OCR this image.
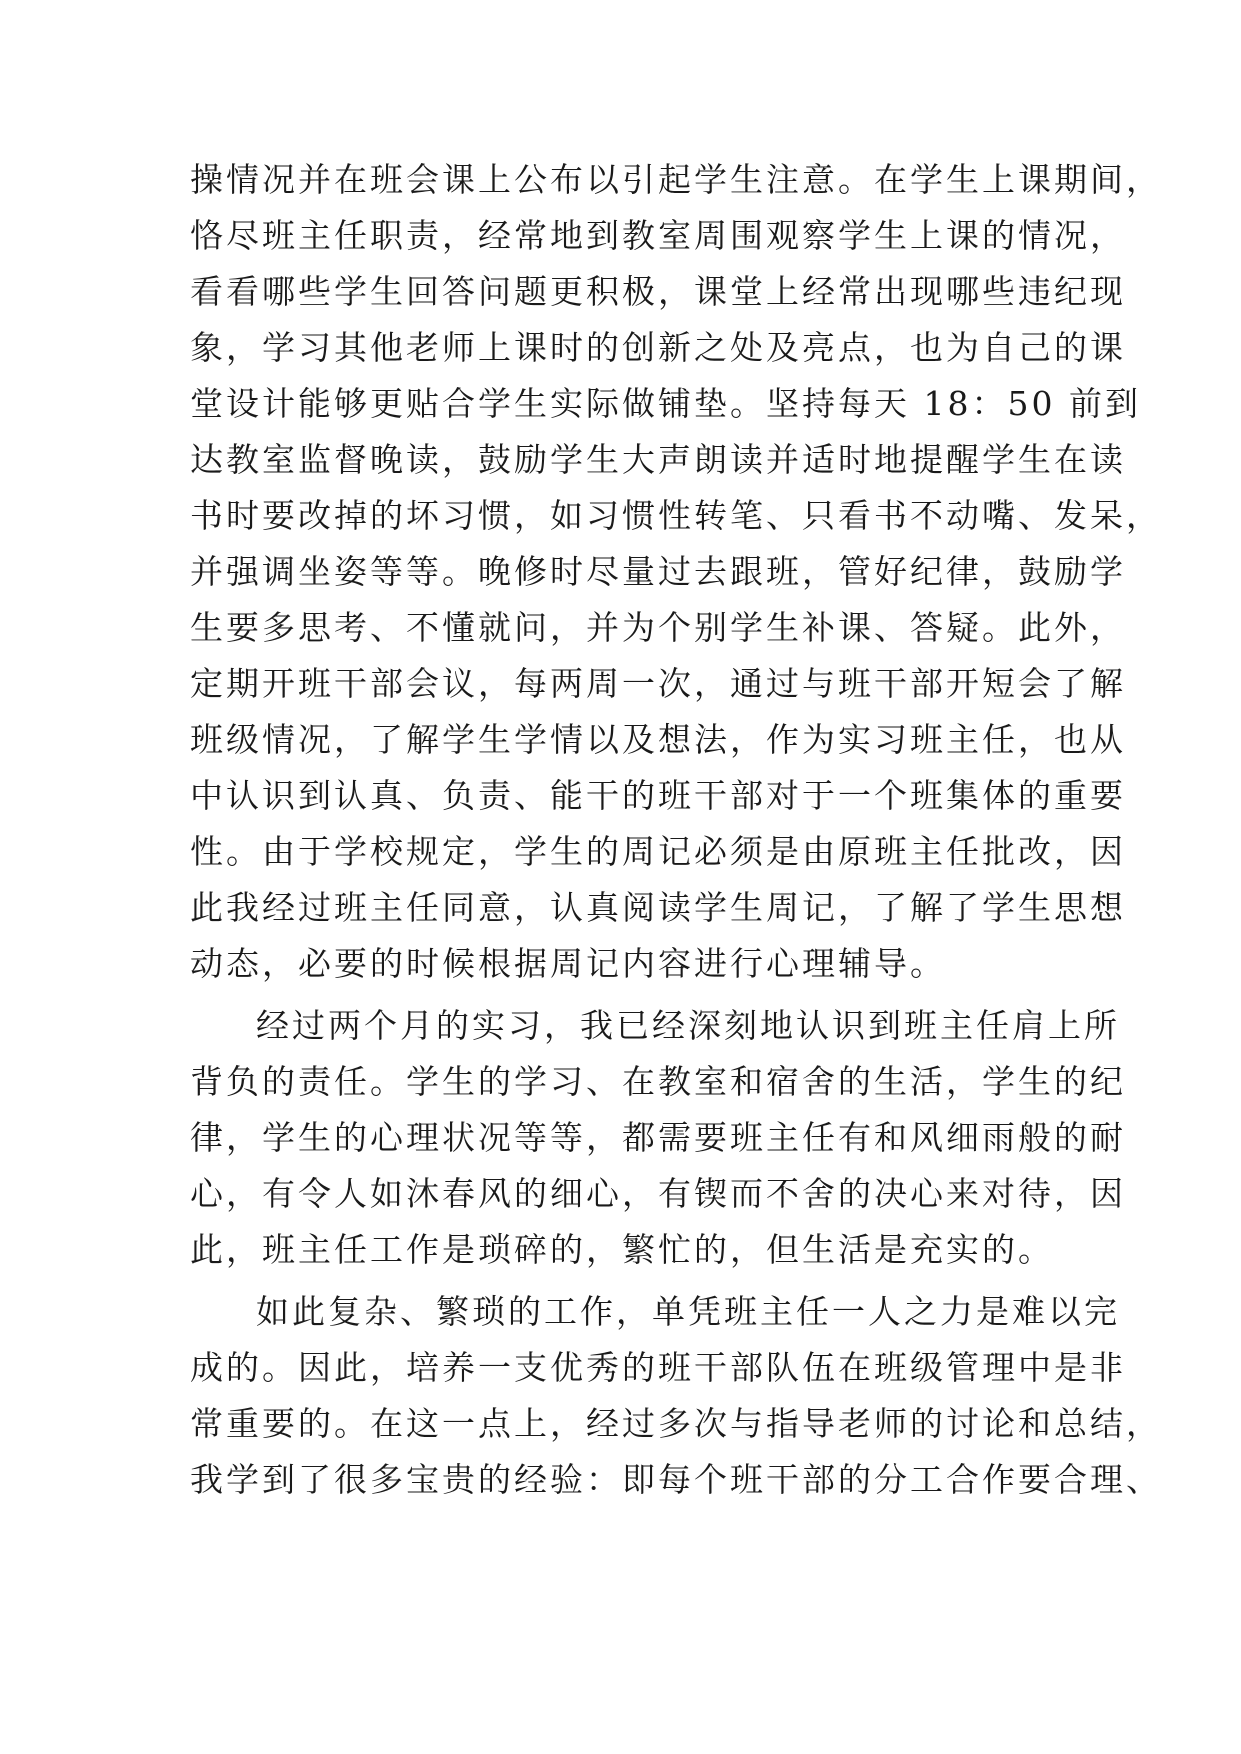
操情况并在班会课上公布以引起学生注意。在学生上课期间，
恪尽班主任职责，经常地到教室周围观察学生上课的情况，
看看哪些学生回答问题更积极，课堂上经常出现哪些违纪现
象，学习其他老师上课时的创新之处及亮点，也为自己的课
堂设计能够更贴合学生实际做铺垫。坚持每天 18：50 前到
达教室监督晚读，鼓励学生大声朗读并适时地提醒学生在读
书时要改掉的坏习惯，如习惯性转笔、只看书不动嘴、发呆，
并强调坐姿等等。晚修时尽量过去跟班，管好纪律，鼓励学
生要多思考、不懂就问，并为个别学生补课、答疑。此外，
定期开班干部会议，每两周一次，通过与班干部开短会了解
班级情况，了解学生学情以及想法，作为实习班主任，也从
中认识到认真、负责、能干的班干部对于一个班集体的重要
性。由于学校规定，学生的周记必须是由原班主任批改，因
此我经过班主任同意，认真阅读学生周记，了解了学生思想
动态，必要的时候根据周记内容进行心理辅导。
经过两个月的实习，我已经深刻地认识到班主任肩上所
背负的责任。学生的学习、在教室和宿舍的生活，学生的纪
律，学生的心理状况等等，都需要班主任有和风细雨般的耐
心，有令人如沐春风的细心，有锲而不舍的决心来对待，因
此，班主任工作是琐碎的，繁忙的，但生活是充实的。
如此复杂、繁琐的工作，单凭班主任一人之力是难以完
成的。因此，培养一支优秀的班干部队伍在班级管理中是非
常重要的。在这一点上，经过多次与指导老师的讨论和总结，
我学到了很多宝贵的经验：即每个班干部的分工合作要合理、
